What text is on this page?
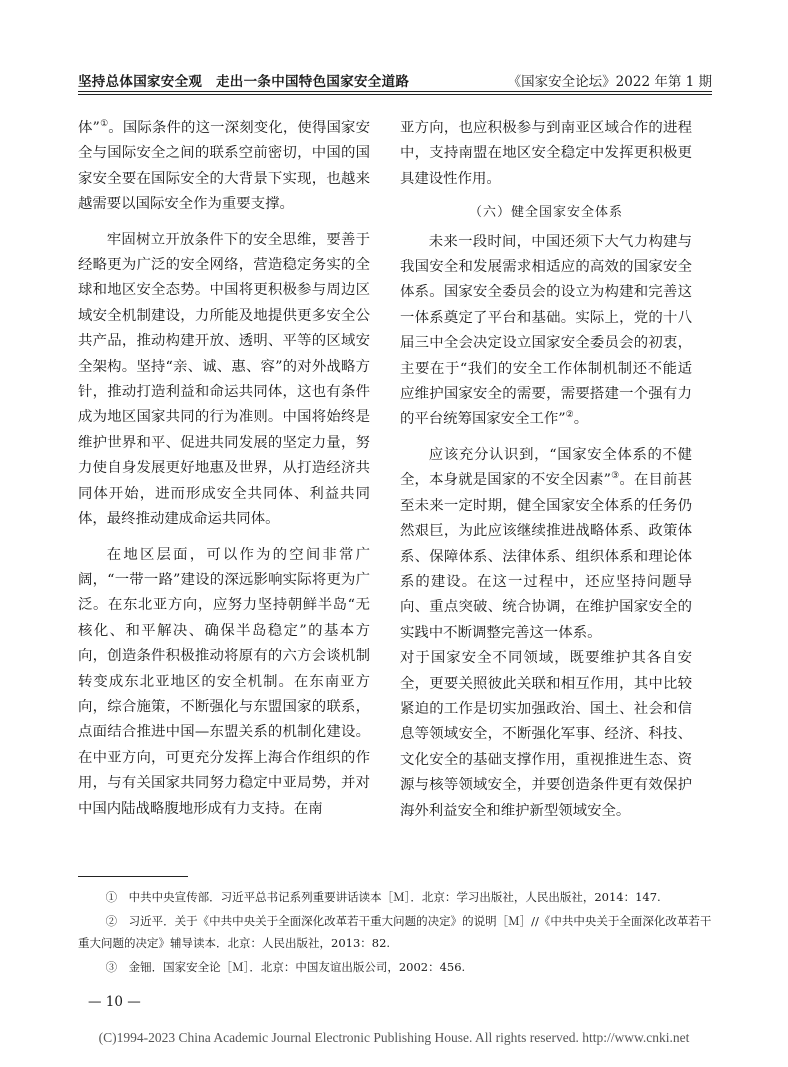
坚持总体国家安全观　走出一条中国特色国家安全道路	《国家安全论坛》2022 年第 1 期

体”①。国际条件的这一深刻变化，使得国家安全与国际安全之间的联系空前密切，中国的国家安全要在国际安全的大背景下实现，也越来越需要以国际安全作为重要支撑。

牢固树立开放条件下的安全思维，要善于经略更为广泛的安全网络，营造稳定务实的全球和地区安全态势。中国将更积极参与周边区域安全机制建设，力所能及地提供更多安全公共产品，推动构建开放、透明、平等的区域安全架构。坚持“亲、诚、惠、容”的对外战略方针，推动打造利益和命运共同体，这也有条件成为地区国家共同的行为准则。中国将始终是维护世界和平、促进共同发展的坚定力量，努力使自身发展更好地惠及世界，从打造经济共同体开始，进而形成安全共同体、利益共同体，最终推动建成命运共同体。

在地区层面，可以作为的空间非常广阔，“一带一路”建设的深远影响实际将更为广泛。在东北亚方向，应努力坚持朝鲜半岛“无核化、和平解决、确保半岛稳定”的基本方向，创造条件积极推动将原有的六方会谈机制转变成东北亚地区的安全机制。在东南亚方向，综合施策，不断强化与东盟国家的联系，点面结合推进中国—东盟关系的机制化建设。在中亚方向，可更充分发挥上海合作组织的作用，与有关国家共同努力稳定中亚局势，并对中国内陆战略腹地形成有力支持。在南

亚方向，也应积极参与到南亚区域合作的进程中，支持南盟在地区安全稳定中发挥更积极更具建设性作用。

（六）健全国家安全体系

未来一段时间，中国还须下大气力构建与我国安全和发展需求相适应的高效的国家安全体系。国家安全委员会的设立为构建和完善这一体系奠定了平台和基础。实际上，党的十八届三中全会决定设立国家安全委员会的初衷，主要在于“我们的安全工作体制机制还不能适应维护国家安全的需要，需要搭建一个强有力的平台统筹国家安全工作”②。

应该充分认识到，“国家安全体系的不健全，本身就是国家的不安全因素”③。在目前甚至未来一定时期，健全国家安全体系的任务仍然艰巨，为此应该继续推进战略体系、政策体系、保障体系、法律体系、组织体系和理论体系的建设。在这一过程中，还应坚持问题导向、重点突破、统合协调，在维护国家安全的实践中不断调整完善这一体系。

对于国家安全不同领域，既要维护其各自安全，更要关照彼此关联和相互作用，其中比较紧迫的工作是切实加强政治、国土、社会和信息等领域安全，不断强化军事、经济、科技、文化安全的基础支撑作用，重视推进生态、资源与核等领域安全，并要创造条件更有效保护海外利益安全和维护新型领域安全。

①　中共中央宣传部．习近平总书记系列重要讲话读本［Ｍ］．北京：学习出版社，人民出版社，2014：147.

②　习近平．关于《中共中央关于全面深化改革若干重大问题的决定》的说明［Ｍ］//《中共中央关于全面深化改革若干重大问题的决定》辅导读本．北京：人民出版社，2013：82.

③　金钿．国家安全论［Ｍ］．北京：中国友谊出版公司，2002：456.

— 10 —
(C)1994-2023 China Academic Journal Electronic Publishing House. All rights reserved. http://www.cnki.net
